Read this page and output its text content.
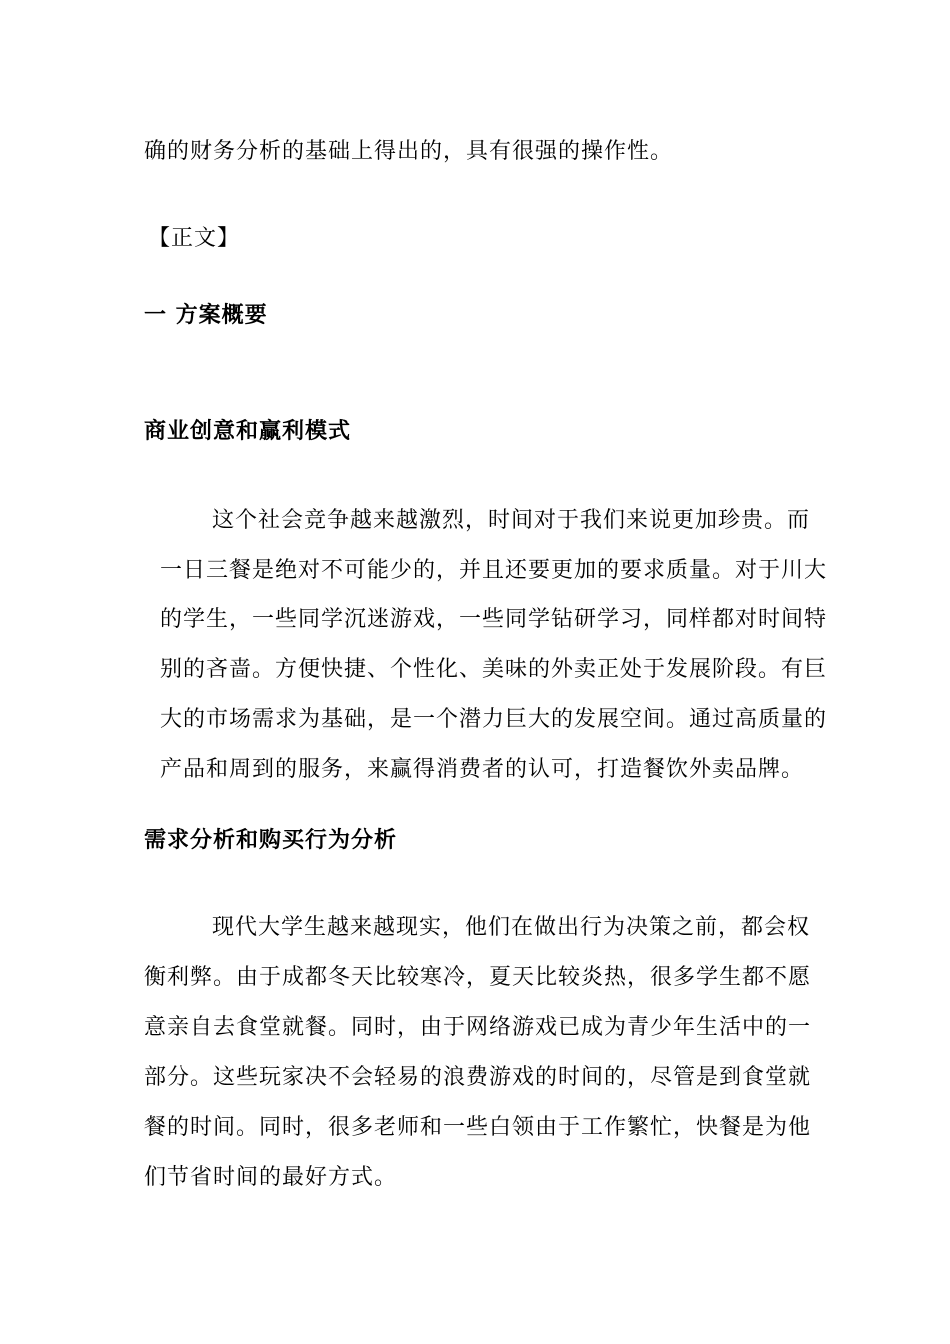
确的财务分析的基础上得出的，具有很强的操作性。

【正文】

一 方案概要
商业创意和赢利模式

这个社会竞争越来越激烈，时间对于我们来说更加珍贵。而

一日三餐是绝对不可能少的，并且还要更加的要求质量。对于川大

的学生，一些同学沉迷游戏，一些同学钻研学习，同样都对时间特

别的吝啬。方便快捷、个性化、美味的外卖正处于发展阶段。有巨

大的市场需求为基础，是一个潜力巨大的发展空间。通过高质量的

产品和周到的服务，来赢得消费者的认可，打造餐饮外卖品牌。

需求分析和购买行为分析

现代大学生越来越现实，他们在做出行为决策之前，都会权

衡利弊。由于成都冬天比较寒冷，夏天比较炎热，很多学生都不愿

意亲自去食堂就餐。同时，由于网络游戏已成为青少年生活中的一

部分。这些玩家决不会轻易的浪费游戏的时间的，尽管是到食堂就

餐的时间。同时，很多老师和一些白领由于工作繁忙，快餐是为他

们节省时间的最好方式。
